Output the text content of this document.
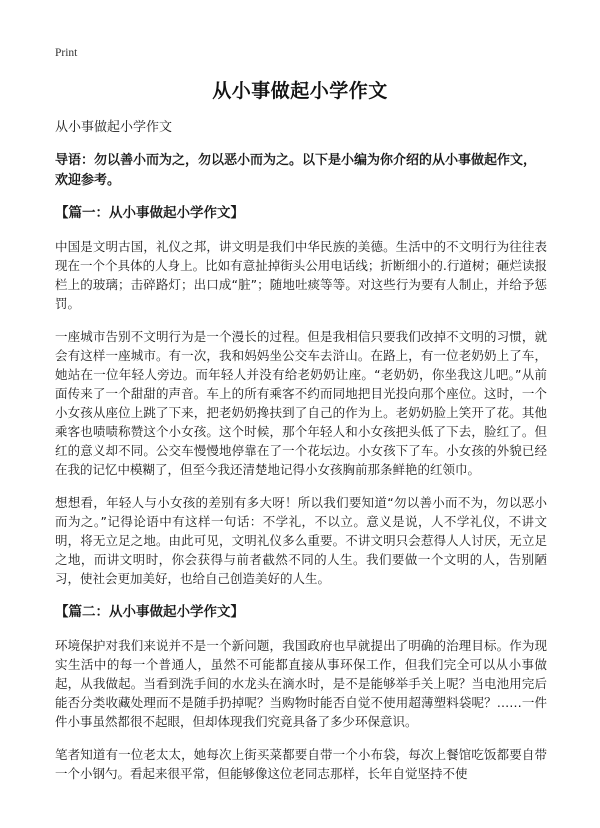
Print
从小事做起小学作文

从小事做起小学作文

导语：勿以善小而为之，勿以恶小而为之。以下是小编为你介绍的从小事做起作文，欢迎参考。

【篇一：从小事做起小学作文】

中国是文明古国，礼仪之邦，讲文明是我们中华民族的美德。生活中的不文明行为往往表现在一个个具体的人身上。比如有意扯掉街头公用电话线；折断细小的.行道树；砸烂读报栏上的玻璃；击碎路灯；出口成“脏”；随地吐痰等等。对这些行为要有人制止，并给予惩罚。

一座城市告别不文明行为是一个漫长的过程。但是我相信只要我们改掉不文明的习惯，就会有这样一座城市。有一次，我和妈妈坐公交车去浒山。在路上，有一位老奶奶上了车，她站在一位年轻人旁边。而年轻人并没有给老奶奶让座。“老奶奶，你坐我这儿吧。”从前面传来了一个甜甜的声音。车上的所有乘客不约而同地把目光投向那个座位。这时，一个小女孩从座位上跳了下来，把老奶奶搀扶到了自己的作为上。老奶奶脸上笑开了花。其他乘客也啧啧称赞这个小女孩。这个时候，那个年轻人和小女孩把头低了下去，脸红了。但红的意义却不同。公交车慢慢地停靠在了一个花坛边。小女孩下了车。小女孩的外貌已经在我的记忆中模糊了，但至今我还清楚地记得小女孩胸前那条鲜艳的红领巾。

想想看，年轻人与小女孩的差别有多大呀！所以我们要知道“勿以善小而不为，勿以恶小而为之。”记得论语中有这样一句话：不学礼，不以立。意义是说，人不学礼仪，不讲文明，将无立足之地。由此可见，文明礼仪多么重要。不讲文明只会惹得人人讨厌，无立足之地，而讲文明时，你会获得与前者截然不同的人生。我们要做一个文明的人，告别陋习，使社会更加美好，也给自己创造美好的人生。

【篇二：从小事做起小学作文】

环境保护对我们来说并不是一个新问题，我国政府也早就提出了明确的治理目标。作为现实生活中的每一个普通人，虽然不可能都直接从事环保工作，但我们完全可以从小事做起，从我做起。当看到洗手间的水龙头在滴水时，是不是能够举手关上呢？当电池用完后能否分类收藏处理而不是随手扔掉呢？当购物时能否自觉不使用超薄塑料袋呢？……一件件小事虽然都很不起眼，但却体现我们究竟具备了多少环保意识。

笔者知道有一位老太太，她每次上街买菜都要自带一个小布袋，每次上餐馆吃饭都要自带一个小钢勺。看起来很平常，但能够像这位老同志那样，长年自觉坚持不使
